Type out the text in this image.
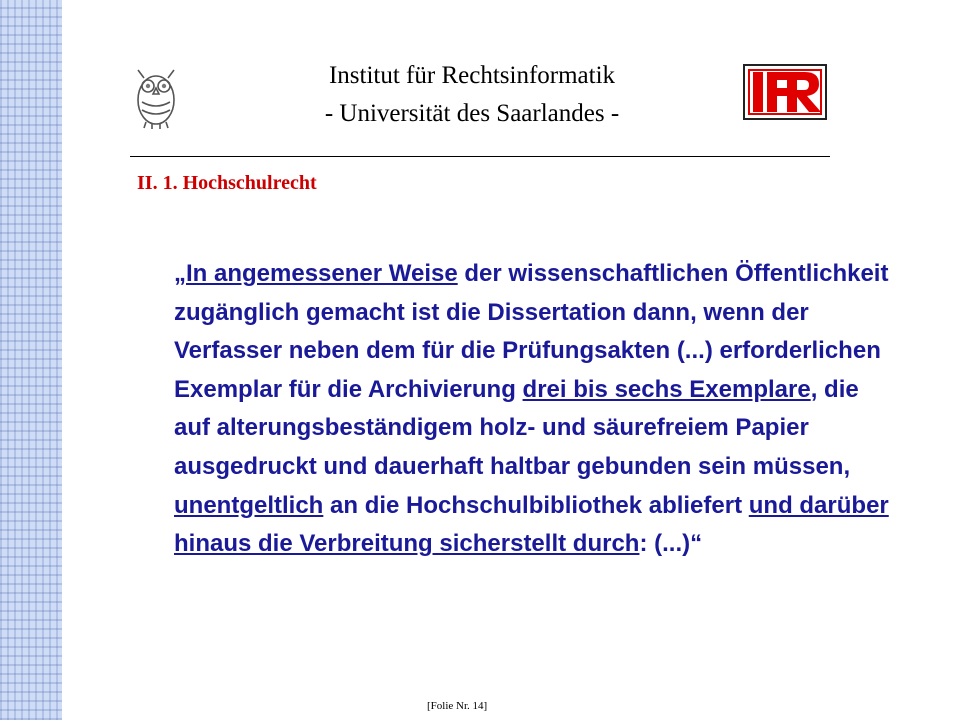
Institut für Rechtsinformatik
- Universität des Saarlandes -
II. 1. Hochschulrecht
„In angemessener Weise der wissenschaftlichen Öffentlichkeit zugänglich gemacht ist die Dissertation dann, wenn der Verfasser neben dem für die Prüfungsakten (...) erforderlichen Exemplar für die Archivierung drei bis sechs Exemplare, die auf alterungsbeständigem holz- und säurefreiem Papier ausgedruckt und dauerhaft haltbar gebunden sein müssen, unentgeltlich an die Hochschulbibliothek abliefert und darüber hinaus die Verbreitung sicherstellt durch: (...)“
[Folie Nr. 14]
